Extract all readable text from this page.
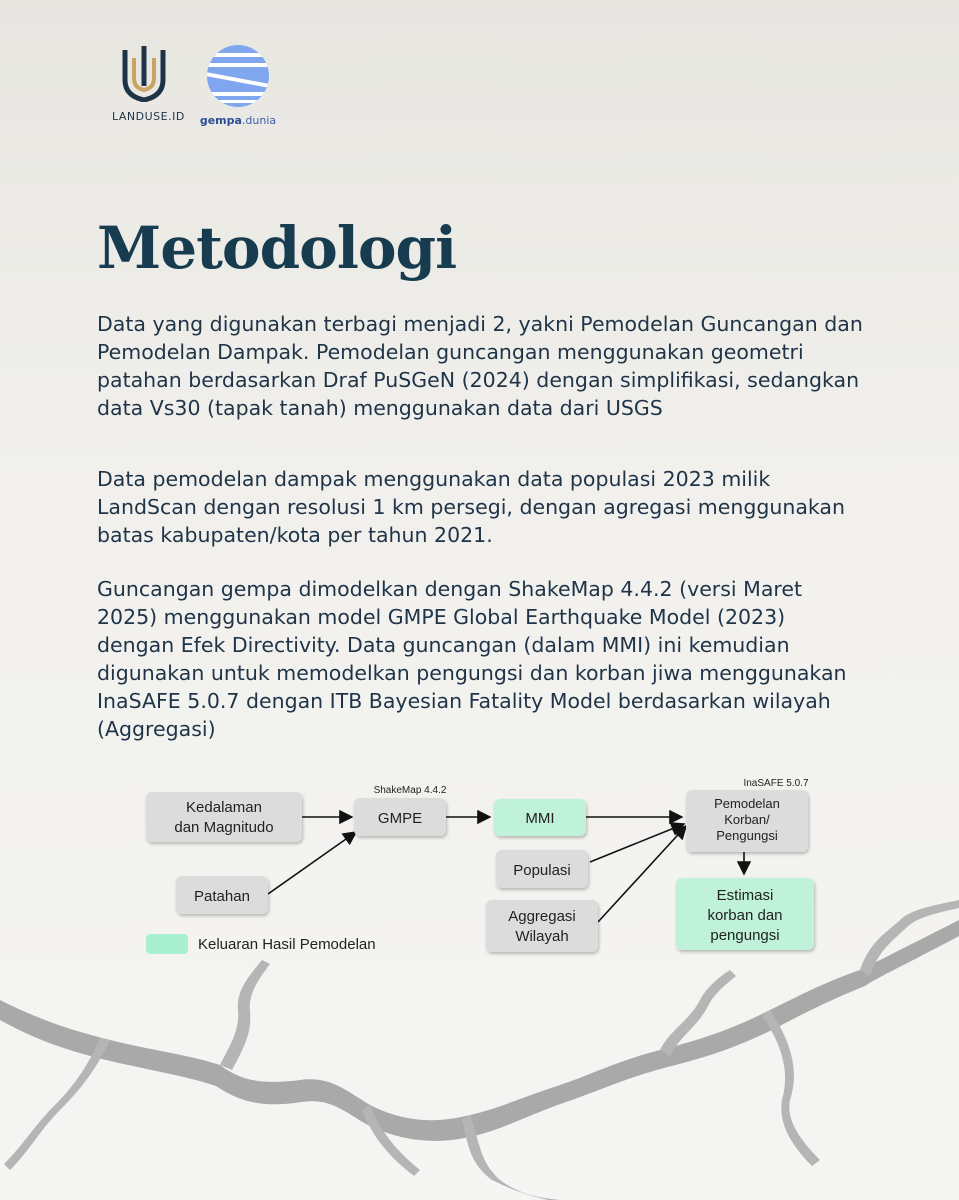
LANDUSE.ID gempa.dunia
Metodologi

Data yang digunakan terbagi menjadi 2, yakni Pemodelan Guncangan dan Pemodelan Dampak. Pemodelan guncangan menggunakan geometri patahan berdasarkan Draf PuSGeN (2024) dengan simplifikasi, sedangkan data Vs30 (tapak tanah) menggunakan data dari USGS

Data pemodelan dampak menggunakan data populasi 2023 milik LandScan dengan resolusi 1 km persegi, dengan agregasi menggunakan batas kabupaten/kota per tahun 2021.

Guncangan gempa dimodelkan dengan ShakeMap 4.4.2 (versi Maret 2025) menggunakan model GMPE Global Earthquake Model (2023) dengan Efek Directivity. Data guncangan (dalam MMI) ini kemudian digunakan untuk memodelkan pengungsi dan korban jiwa menggunakan InaSAFE 5.0.7 dengan ITB Bayesian Fatality Model berdasarkan wilayah (Aggregasi)

ShakeMap 4.4.2
InaSAFE 5.0.7
Kedalaman
dan Magnitudo
Patahan
GMPE	MMI
Populasi
Aggregasi
Wilayah
Pemodelan
Korban/
Pengungsi
Estimasi
korban dan
pengungsi
Keluaran Hasil Pemodelan
